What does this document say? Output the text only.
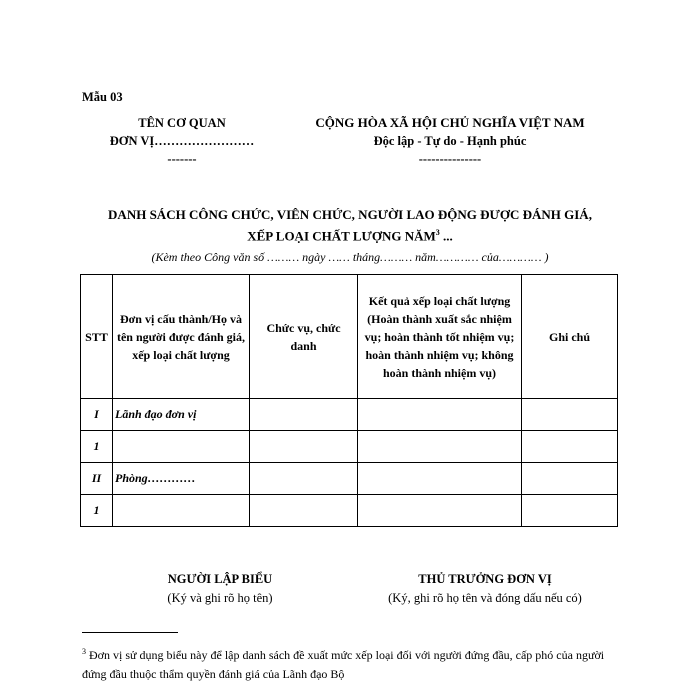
Mẫu 03
TÊN CƠ QUAN
ĐƠN VỊ……………………
-------
CỘNG HÒA XÃ HỘI CHỦ NGHĨA VIỆT NAM
Độc lập - Tự do - Hạnh phúc
---------------
DANH SÁCH CÔNG CHỨC, VIÊN CHỨC, NGƯỜI LAO ĐỘNG ĐƯỢC ĐÁNH GIÁ,
XẾP LOẠI CHẤT LƯỢNG NĂM$^3$ ...
(Kèm theo Công văn số ……… ngày …… tháng……… năm………… của………… )
STT	Đơn vị cấu thành/Họ và tên người được đánh giá, xếp loại chất lượng	Chức vụ, chức danh	Kết quả xếp loại chất lượng (Hoàn thành xuất sắc nhiệm vụ; hoàn thành tốt nhiệm vụ; hoàn thành nhiệm vụ; không hoàn thành nhiệm vụ)	Ghi chú
I	Lãnh đạo đơn vị			
1				
II	Phòng…………			
1				
NGƯỜI LẬP BIỂU
(Ký và ghi rõ họ tên)
THỦ TRƯỞNG ĐƠN VỊ
(Ký, ghi rõ họ tên và đóng dấu nếu có)
$^3$ Đơn vị sử dụng biểu này để lập danh sách đề xuất mức xếp loại đối với người đứng đầu, cấp phó của người đứng đầu thuộc thẩm quyền đánh giá của Lãnh đạo Bộ
